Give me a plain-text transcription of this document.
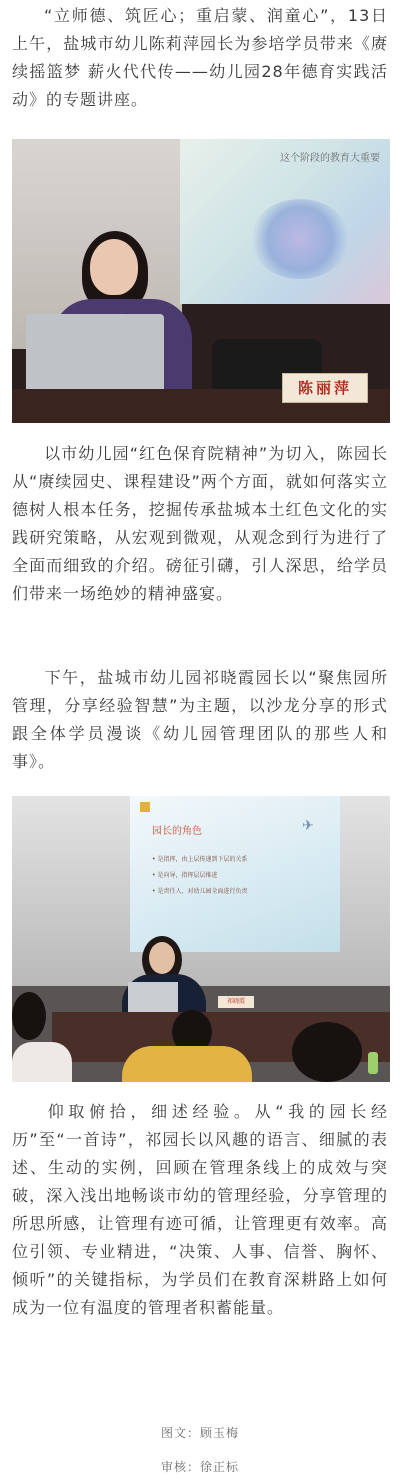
“立师德、筑匠心；重启蒙、润童心”，13日上午，盐城市幼儿陈莉萍园长为参培学员带来《赓续摇篮梦 薪火代代传——幼儿园28年德育实践活动》的专题讲座。

这个阶段的教育大重要
陈丽萍

以市幼儿园“红色保育院精神”为切入，陈园长从“赓续园史、课程建设”两个方面，就如何落实立德树人根本任务，挖掘传承盐城本土红色文化的实践研究策略，从宏观到微观，从观念到行为进行了全面而细致的介绍。磅征引礴，引人深思，给学员们带来一场绝妙的精神盛宴。

下午，盐城市幼儿园祁晓霞园长以“聚焦园所管理，分享经验智慧”为主题，以沙龙分享的形式跟全体学员漫谈《幼儿园管理团队的那些人和事》。

✈
园长的角色
• 是指挥，由上层传递到下层的关系
• 是向导，指挥层层推进
• 是责任人，对幼儿园全面进行负责
祁晓霞

仰取俯拾，细述经验。从“我的园长经历”至“一首诗”，祁园长以风趣的语言、细腻的表述、生动的实例，回顾在管理条线上的成效与突破，深入浅出地畅谈市幼的管理经验，分享管理的所思所感，让管理有迹可循，让管理更有效率。高位引领、专业精进，“决策、人事、信誉、胸怀、倾听”的关键指标，为学员们在教育深耕路上如何成为一位有温度的管理者积蓄能量。

图文：顾玉梅
审核：徐正标
